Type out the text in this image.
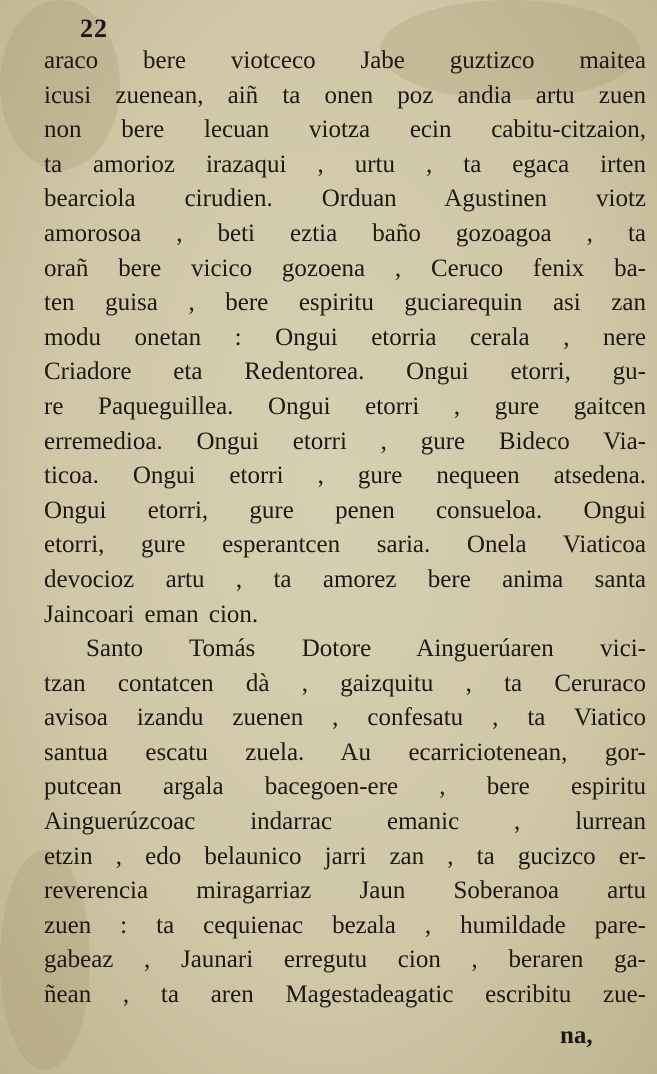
22
araco bere viotceco Jabe guztizco maitea
icusi zuenean, aiñ ta onen poz andia artu zuen
non bere lecuan viotza ecin cabitu-citzaion,
ta amorioz irazaqui , urtu , ta egaca irten
bearciola cirudien. Orduan Agustinen viotz
amorosoa , beti eztia baño gozoagoa , ta
orañ bere vicico gozoena , Ceruco fenix ba-
ten guisa , bere espiritu guciarequin asi zan
modu onetan : Ongui etorria cerala , nere
Criadore eta Redentorea. Ongui etorri, gu-
re Paqueguillea. Ongui etorri , gure gaitcen
erremedioa. Ongui etorri , gure Bideco Via-
ticoa. Ongui etorri , gure nequeen atsedena.
Ongui etorri, gure penen consueloa. Ongui
etorri, gure esperantcen saria. Onela Viaticoa
devocioz artu , ta amorez bere anima santa
Jaincoari eman cion.
Santo Tomás Dotore Ainguerúaren vici-
tzan contatcen dà , gaizquitu , ta Ceruraco
avisoa izandu zuenen , confesatu , ta Viatico
santua escatu zuela. Au ecarriciotenean, gor-
putcean argala bacegoen-ere , bere espiritu
Ainguerúzcoac indarrac emanic , lurrean
etzin , edo belaunico jarri zan , ta gucizco er-
reverencia miragarriaz Jaun Soberanoa artu
zuen : ta cequienac bezala , humildade pare-
gabeaz , Jaunari erregutu cion , beraren ga-
ñean , ta aren Magestadeagatic escribitu zue-
na,
